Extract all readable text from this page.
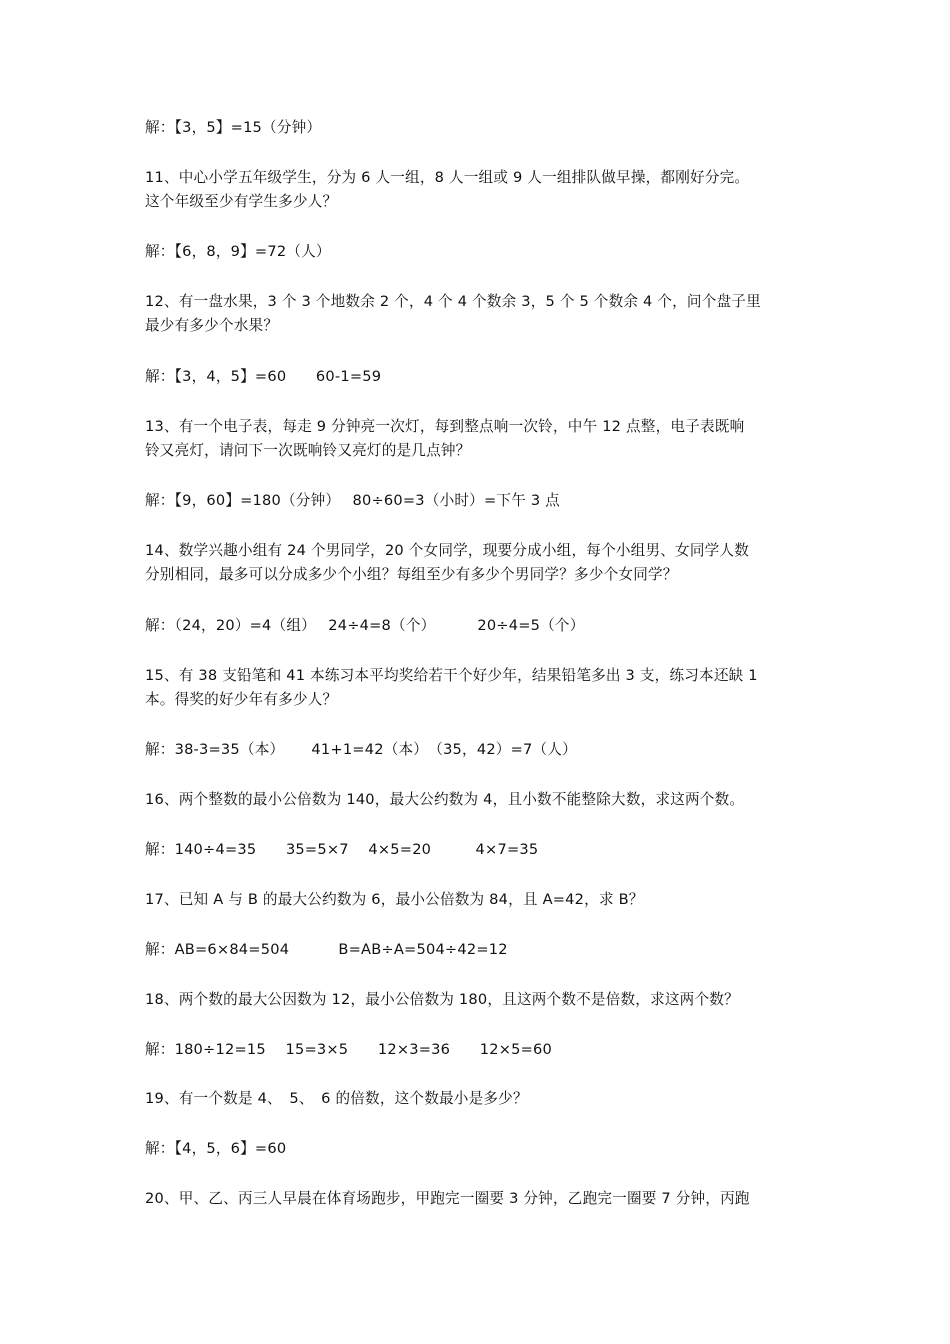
解：【3，5】=15（分钟）
11、中心小学五年级学生，分为 6 人一组，8 人一组或 9 人一组排队做早操，都刚好分完。
这个年级至少有学生多少人？
解：【6，8，9】=72（人）
12、有一盘水果，3 个 3 个地数余 2 个，4 个 4 个数余 3，5 个 5 个数余 4 个，问个盘子里
最少有多少个水果？
解：【3，4，5】=60　　60-1=59
13、有一个电子表，每走 9 分钟亮一次灯，每到整点响一次铃，中午 12 点整，电子表既响
铃又亮灯，请问下一次既响铃又亮灯的是几点钟？
解：【9，60】=180（分钟）　 80÷60=3（小时）=下午 3 点
14、数学兴趣小组有 24 个男同学，20 个女同学，现要分成小组，每个小组男、女同学人数
分别相同，最多可以分成多少个小组？每组至少有多少个男同学？多少个女同学？
解：（24，20）=4（组）　 24÷4=8（个）　　　 20÷4=5（个）
15、有 38 支铅笔和 41 本练习本平均奖给若干个好少年，结果铅笔多出 3 支，练习本还缺 1
本。得奖的好少年有多少人？
解：38-3=35（本）　　 41+1=42（本）　（35，42）=7（人）
16、两个整数的最小公倍数为 140，最大公约数为 4，且小数不能整除大数，求这两个数。
解：140÷4=35　　35=5×7　 4×5=20　　　4×7=35
17、已知 A 与 B 的最大公约数为 6，最小公倍数为 84，且 A=42，求 B？
解：AB=6×84=504　　　 B=AB÷A=504÷42=12
18、两个数的最大公因数为 12，最小公倍数为 180，且这两个数不是倍数，求这两个数？
解：180÷12=15　 15=3×5　　12×3=36　　12×5=60
19、有一个数是 4、　5、　6 的倍数，这个数最小是多少？
解：【4，5，6】=60
20、甲、乙、丙三人早晨在体育场跑步，甲跑完一圈要 3 分钟，乙跑完一圈要 7 分钟，丙跑
